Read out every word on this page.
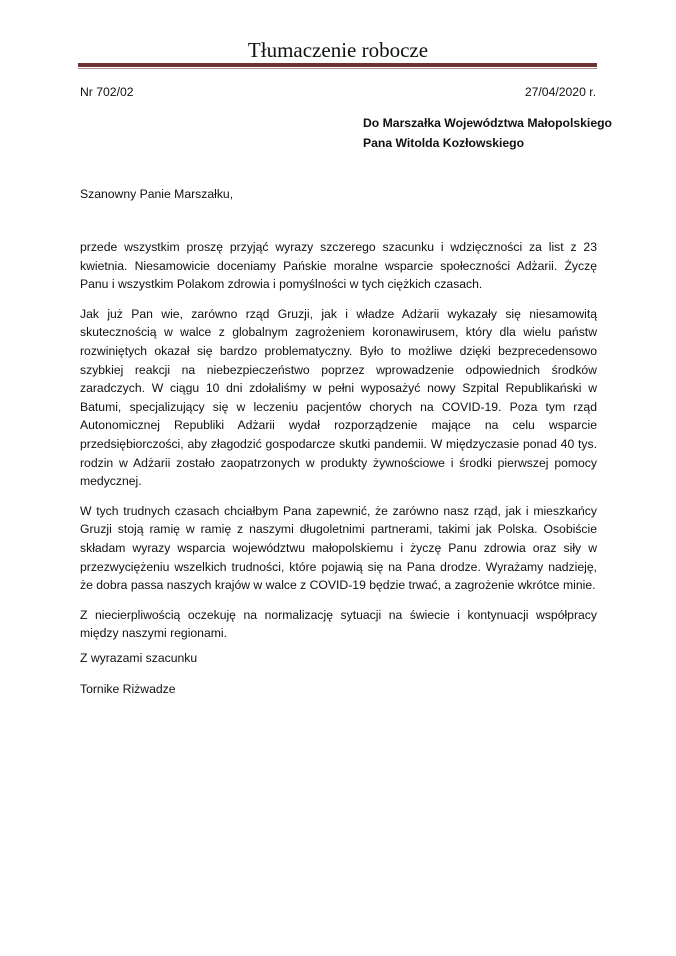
Tłumaczenie robocze
Nr 702/02	27/04/2020 r.
Do Marszałka Województwa Małopolskiego
Pana Witolda Kozłowskiego
Szanowny Panie Marszałku,

przede wszystkim proszę przyjąć wyrazy szczerego szacunku i wdzięczności za list z 23 kwietnia. Niesamowicie doceniamy Pańskie moralne wsparcie społeczności Adżarii. Życzę Panu i wszystkim Polakom zdrowia i pomyślności w tych ciężkich czasach.

Jak już Pan wie, zarówno rząd Gruzji, jak i władze Adżarii wykazały się niesamowitą skutecznością w walce z globalnym zagrożeniem koronawirusem, który dla wielu państw rozwiniętych okazał się bardzo problematyczny. Było to możliwe dzięki bezprecedensowo szybkiej reakcji na niebezpieczeństwo poprzez wprowadzenie odpowiednich środków zaradczych. W ciągu 10 dni zdołaliśmy w pełni wyposażyć nowy Szpital Republikański w Batumi, specjalizujący się w leczeniu pacjentów chorych na COVID-19. Poza tym rząd Autonomicznej Republiki Adżarii wydał rozporządzenie mające na celu wsparcie przedsiębiorczości, aby złagodzić gospodarcze skutki pandemii. W międzyczasie ponad 40 tys. rodzin w Adżarii zostało zaopatrzonych w produkty żywnościowe i środki pierwszej pomocy medycznej.

W tych trudnych czasach chciałbym Pana zapewnić, że zarówno nasz rząd, jak i mieszkańcy Gruzji stoją ramię w ramię z naszymi długoletnimi partnerami, takimi jak Polska. Osobiście składam wyrazy wsparcia województwu małopolskiemu i życzę Panu zdrowia oraz siły w przezwyciężeniu wszelkich trudności, które pojawią się na Pana drodze. Wyrażamy nadzieję, że dobra passa naszych krajów w walce z COVID-19 będzie trwać, a zagrożenie wkrótce minie.

Z niecierpliwością oczekuję na normalizację sytuacji na świecie i kontynuacji współpracy między naszymi regionami.

Z wyrazami szacunku
Tornike Riżwadze
